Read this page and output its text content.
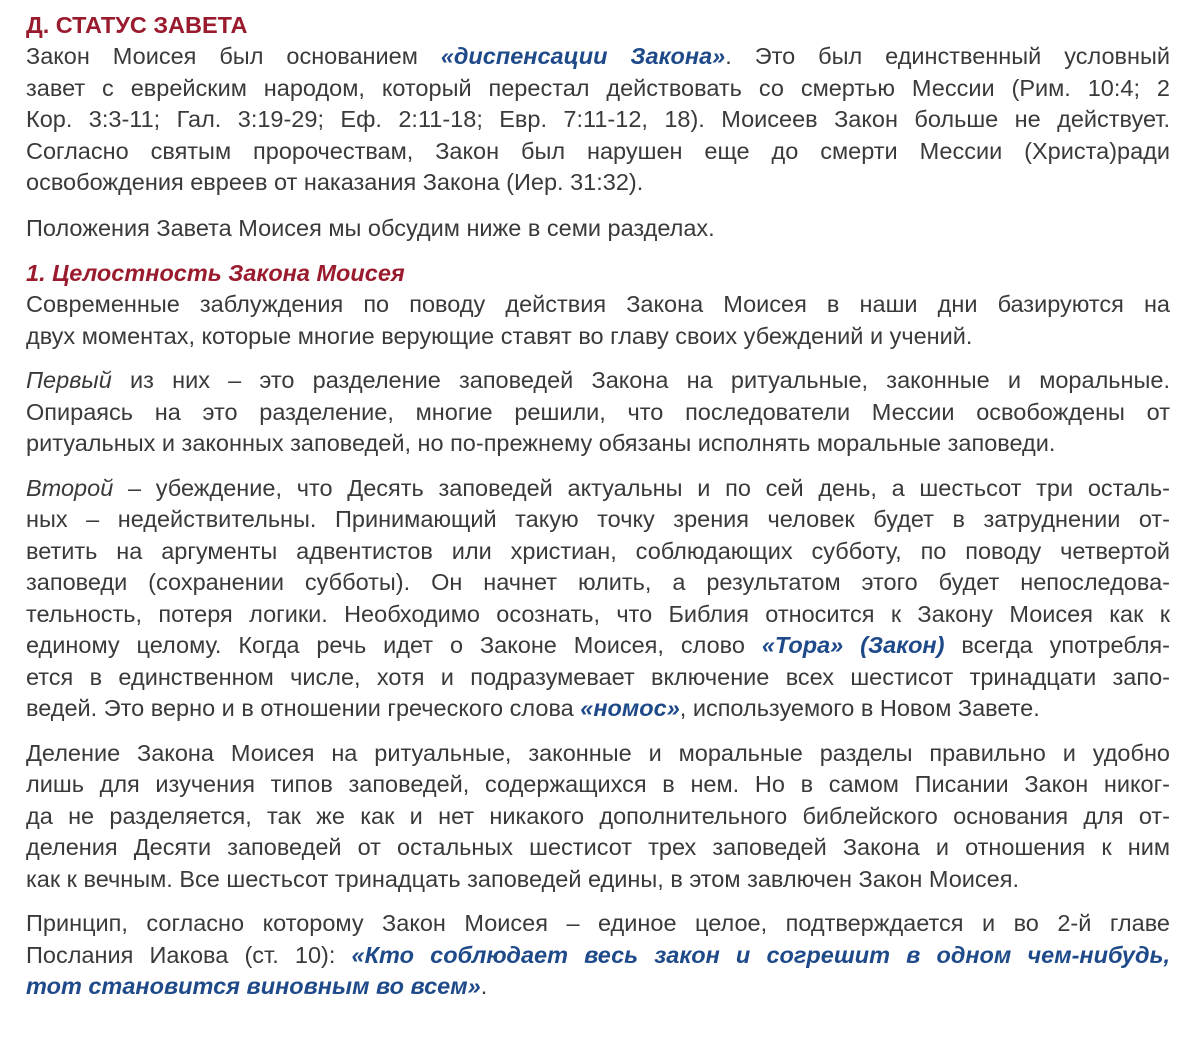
Д. СТАТУС ЗАВЕТА

Закон Моисея был основанием «диспенсации Закона». Это был единственный условный

завет с еврейским народом, который перестал действовать со смертью Мессии (Рим. 10:4; 2

Кор. 3:3-11; Гал. 3:19-29; Еф. 2:11-18; Евр. 7:11-12, 18). Моисеев Закон больше не действует.

Согласно святым пророчествам, Закон был нарушен еще до смерти Мессии (Христа)ради

освобождения евреев от наказания Закона (Иер. 31:32).

Положения Завета Моисея мы обсудим ниже в семи разделах.

1. Целостность Закона Моисея

Современные заблуждения по поводу действия Закона Моисея в наши дни базируются на

двух моментах, которые многие верующие ставят во главу своих убеждений и учений.

Первый из них – это разделение заповедей Закона на ритуальные, законные и моральные.

Опираясь на это разделение, многие решили, что последователи Мессии освобождены от

ритуальных и законных заповедей, но по-прежнему обязаны исполнять моральные заповеди.

Второй – убеждение, что Десять заповедей актуальны и по сей день, а шестьсот три осталь-

ных – недействительны. Принимающий такую точку зрения человек будет в затруднении от-

ветить на аргументы адвентистов или христиан, соблюдающих субботу, по поводу четвертой

заповеди (сохранении субботы). Он начнет юлить, а результатом этого будет непоследова-

тельность, потеря логики. Необходимо осознать, что Библия относится к Закону Моисея как к

единому целому. Когда речь идет о Законе Моисея, слово «Тора» (Закон) всегда употребля-

ется в единственном числе, хотя и подразумевает включение всех шестисот тринадцати запо-

ведей. Это верно и в отношении греческого слова «номос», используемого в Новом Завете.

Деление Закона Моисея на ритуальные, законные и моральные разделы правильно и удобно

лишь для изучения типов заповедей, содержащихся в нем. Но в самом Писании Закон никог-

да не разделяется, так же как и нет никакого дополнительного библейского основания для от-

деления Десяти заповедей от остальных шестисот трех заповедей Закона и отношения к ним

как к вечным. Все шестьсот тринадцать заповедей едины, в этом завлючен Закон Моисея.

Принцип, согласно которому Закон Моисея – единое целое, подтверждается и во 2-й главе

Послания Иакова (ст. 10): «Кто соблюдает весь закон и согрешит в одном чем-нибудь,

тот становится виновным во всем».
